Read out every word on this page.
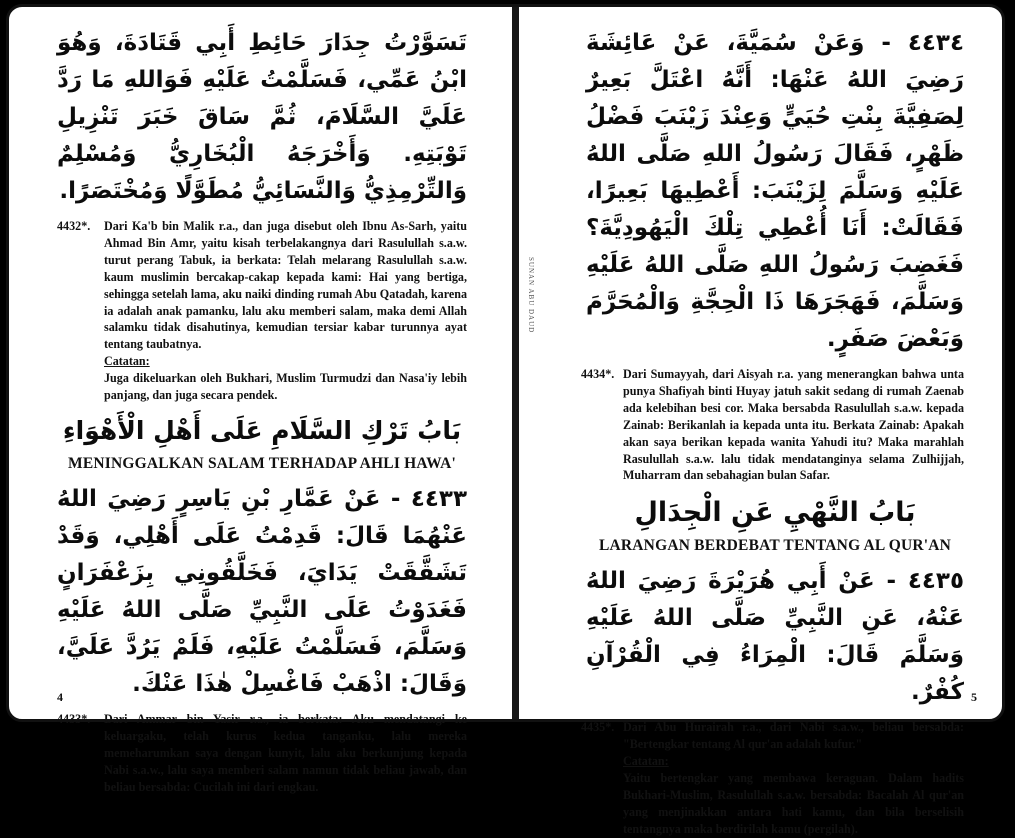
SUNAN ABU DAUD
تَسَوَّرْتُ جِدَارَ حَائِطِ أَبِي قَتَادَةَ، وَهُوَ ابْنُ عَمِّي، فَسَلَّمْتُ عَلَيْهِ فَوَاللهِ مَا رَدَّ عَلَيَّ السَّلَامَ، ثُمَّ سَاقَ خَبَرَ تَنْزِيلِ تَوْبَتِهِ. وَأَخْرَجَهُ الْبُخَارِيُّ وَمُسْلِمٌ وَالتِّرْمِذِيُّ وَالنَّسَائِيُّ مُطَوَّلًا وَمُخْتَصَرًا.
4432*.	Dari Ka'b bin Malik r.a., dan juga disebut oleh Ibnu As-Sarh, yaitu Ahmad Bin Amr, yaitu kisah terbelakangnya dari Rasulullah s.a.w. turut perang Tabuk, ia berkata: Telah melarang Rasulullah s.a.w. kaum muslimin bercakap-cakap kepada kami: Hai yang bertiga, sehingga setelah lama, aku naiki dinding rumah Abu Qatadah, karena ia adalah anak pamanku, lalu aku memberi salam, maka demi Allah salamku tidak disahutinya, kemudian tersiar kabar turunnya ayat tentang taubatnya.
Catatan:
Juga dikeluarkan oleh Bukhari, Muslim Turmudzi dan Nasa'iy lebih panjang, dan juga secara pendek.
بَابُ تَرْكِ السَّلَامِ عَلَى أَهْلِ الْأَهْوَاءِ
MENINGGALKAN SALAM TERHADAP AHLI HAWA'
٤٤٣٣ - عَنْ عَمَّارِ بْنِ يَاسِرٍ رَضِيَ اللهُ عَنْهُمَا قَالَ: قَدِمْتُ عَلَى أَهْلِي، وَقَدْ تَشَقَّقَتْ يَدَايَ، فَخَلَّقُونِي بِزَعْفَرَانٍ فَغَدَوْتُ عَلَى النَّبِيِّ صَلَّى اللهُ عَلَيْهِ وَسَلَّمَ، فَسَلَّمْتُ عَلَيْهِ، فَلَمْ يَرُدَّ عَلَيَّ، وَقَالَ: اذْهَبْ فَاغْسِلْ هٰذَا عَنْكَ.
4433*.	Dari Ammar bin Yasir r.a., ia berkata: Aku mendatangi ke keluargaku, telah kurus kedua tanganku, lalu mereka memeharumkan saya dengan kunyit, lalu aku berkunjung kepada Nabi s.a.w., lalu saya memberi salam namun tidak beliau jawab, dan beliau bersabda: Cucilah ini dari engkau.
4
٤٤٣٤ - وَعَنْ سُمَيَّةَ، عَنْ عَائِشَةَ رَضِيَ اللهُ عَنْهَا: أَنَّهُ اعْتَلَّ بَعِيرٌ لِصَفِيَّةَ بِنْتِ حُيَيٍّ وَعِنْدَ زَيْنَبَ فَضْلُ ظَهْرٍ، فَقَالَ رَسُولُ اللهِ صَلَّى اللهُ عَلَيْهِ وَسَلَّمَ لِزَيْنَبَ: أَعْطِيهَا بَعِيرًا، فَقَالَتْ: أَنَا أُعْطِي تِلْكَ الْيَهُودِيَّةَ؟ فَغَضِبَ رَسُولُ اللهِ صَلَّى اللهُ عَلَيْهِ وَسَلَّمَ، فَهَجَرَهَا ذَا الْحِجَّةِ وَالْمُحَرَّمَ وَبَعْضَ صَفَرٍ.
4434*. Dari Sumayyah, dari Aisyah r.a. yang menerangkan bahwa unta punya Shafiyah binti Huyay jatuh sakit sedang di rumah Zaenab ada kelebihan besi cor. Maka bersabda Rasulullah s.a.w. kepada Zainab: Berikanlah ia kepada unta itu. Berkata Zainab: Apakah akan saya berikan kepada wanita Yahudi itu? Maka marahlah Rasulullah s.a.w. lalu tidak mendatanginya selama Zulhijjah, Muharram dan sebahagian bulan Safar.
بَابُ النَّهْيِ عَنِ الْجِدَالِ
LARANGAN BERDEBAT TENTANG AL QUR'AN
٤٤٣٥ - عَنْ أَبِي هُرَيْرَةَ رَضِيَ اللهُ عَنْهُ، عَنِ النَّبِيِّ صَلَّى اللهُ عَلَيْهِ وَسَلَّمَ قَالَ: الْمِرَاءُ فِي الْقُرْآنِ كُفْرٌ.
4435*. Dari Abu Hurairah r.a., dari Nabi s.a.w., beliau bersabda: "Bertengkar tentang Al qur'an adalah kufur."
Catatan:
Yaitu bertengkar yang membawa keraguan. Dalam hadits Bukhari-Muslim, Rasulullah s.a.w. bersabda: Bacalah Al qur'an yang menjinakkan antara hati kamu, dan bila berselisih tentangnya maka berdirilah kamu (pergilah).
5
